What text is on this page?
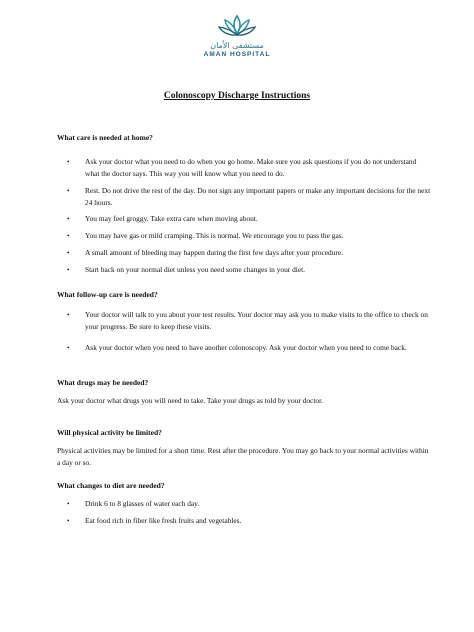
مستشفى الأمان
AMAN HOSPITAL
Colonoscopy Discharge Instructions
What care is needed at home?
• Ask your doctor what you need to do when you go home. Make sure you ask questions if you do not understand what the doctor says. This way you will know what you need to do.
• Rest. Do not drive the rest of the day. Do not sign any important papers or make any important decisions for the next 24 hours.
• You may feel groggy. Take extra care when moving about.
• You may have gas or mild cramping. This is normal. We encourage you to pass the gas.
• A small amount of bleeding may happen during the first few days after your procedure.
• Start back on your normal diet unless you need some changes in your diet.
What follow-up care is needed?
• Your doctor will talk to you about your test results. Your doctor may ask you to make visits to the office to check on your progress. Be sure to keep these visits.
• Ask your doctor when you need to have another colonoscopy. Ask your doctor when you need to come back.
What drugs may be needed?

Ask your doctor what drugs you will need to take. Take your drugs as told by your doctor.

Will physical activity be limited?

Physical activities may be limited for a short time. Rest after the procedure. You may go back to your normal activities within a day or so.

What changes to diet are needed?
• Drink 6 to 8 glasses of water each day.
• Eat food rich in fiber like fresh fruits and vegetables.
